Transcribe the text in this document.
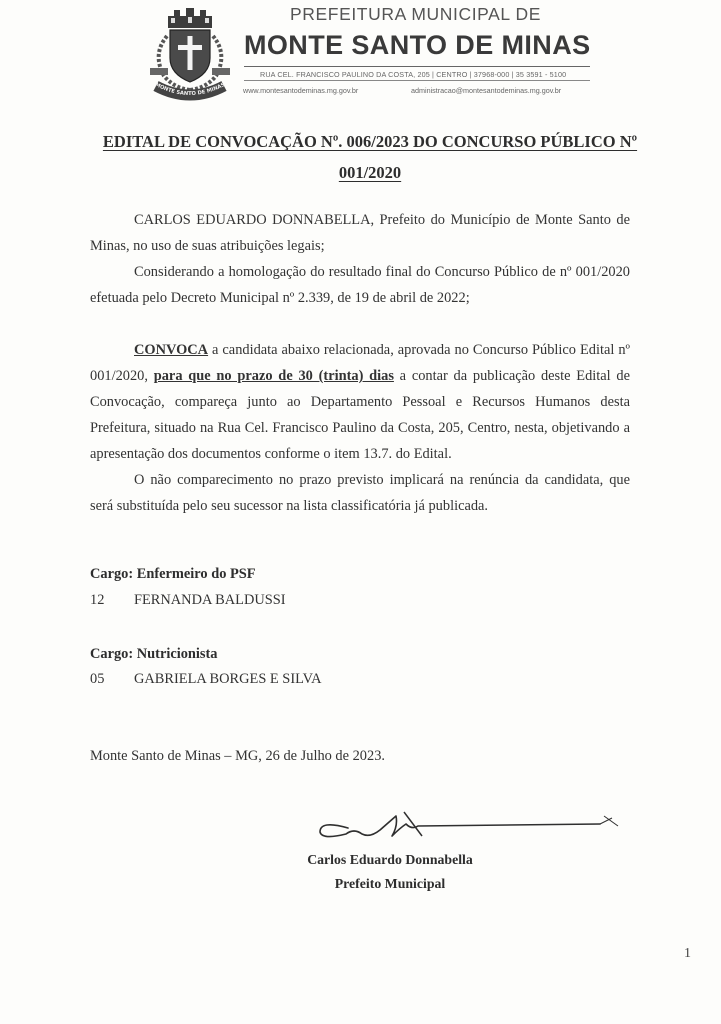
MONTE SANTO DE MINAS
PREFEITURA MUNICIPAL DE
MONTE SANTO DE MINAS
RUA CEL. FRANCISCO PAULINO DA COSTA, 205 | CENTRO | 37968-000 | 35 3591 - 5100
www.montesantodeminas.mg.gov.br	administracao@montesantodeminas.mg.gov.br
EDITAL DE CONVOCAÇÃO Nº. 006/2023 DO CONCURSO PÚBLICO Nº
001/2020

CARLOS EDUARDO DONNABELLA, Prefeito do Município de Monte Santo de Minas, no uso de suas atribuições legais;

Considerando a homologação do resultado final do Concurso Público de nº 001/2020 efetuada pelo Decreto Municipal nº 2.339, de 19 de abril de 2022;

CONVOCA a candidata abaixo relacionada, aprovada no Concurso Público Edital nº 001/2020, para que no prazo de 30 (trinta) dias a contar da publicação deste Edital de Convocação, compareça junto ao Departamento Pessoal e Recursos Humanos desta Prefeitura, situado na Rua Cel. Francisco Paulino da Costa, 205, Centro, nesta, objetivando a apresentação dos documentos conforme o item 13.7. do Edital.

O não comparecimento no prazo previsto implicará na renúncia da candidata, que será substituída pelo seu sucessor na lista classificatória já publicada.

Cargo: Enfermeiro do PSF
12 FERNANDA BALDUSSI
Cargo: Nutricionista
05 GABRIELA BORGES E SILVA
Monte Santo de Minas – MG, 26 de Julho de 2023.
Carlos Eduardo Donnabella
Prefeito Municipal
1
